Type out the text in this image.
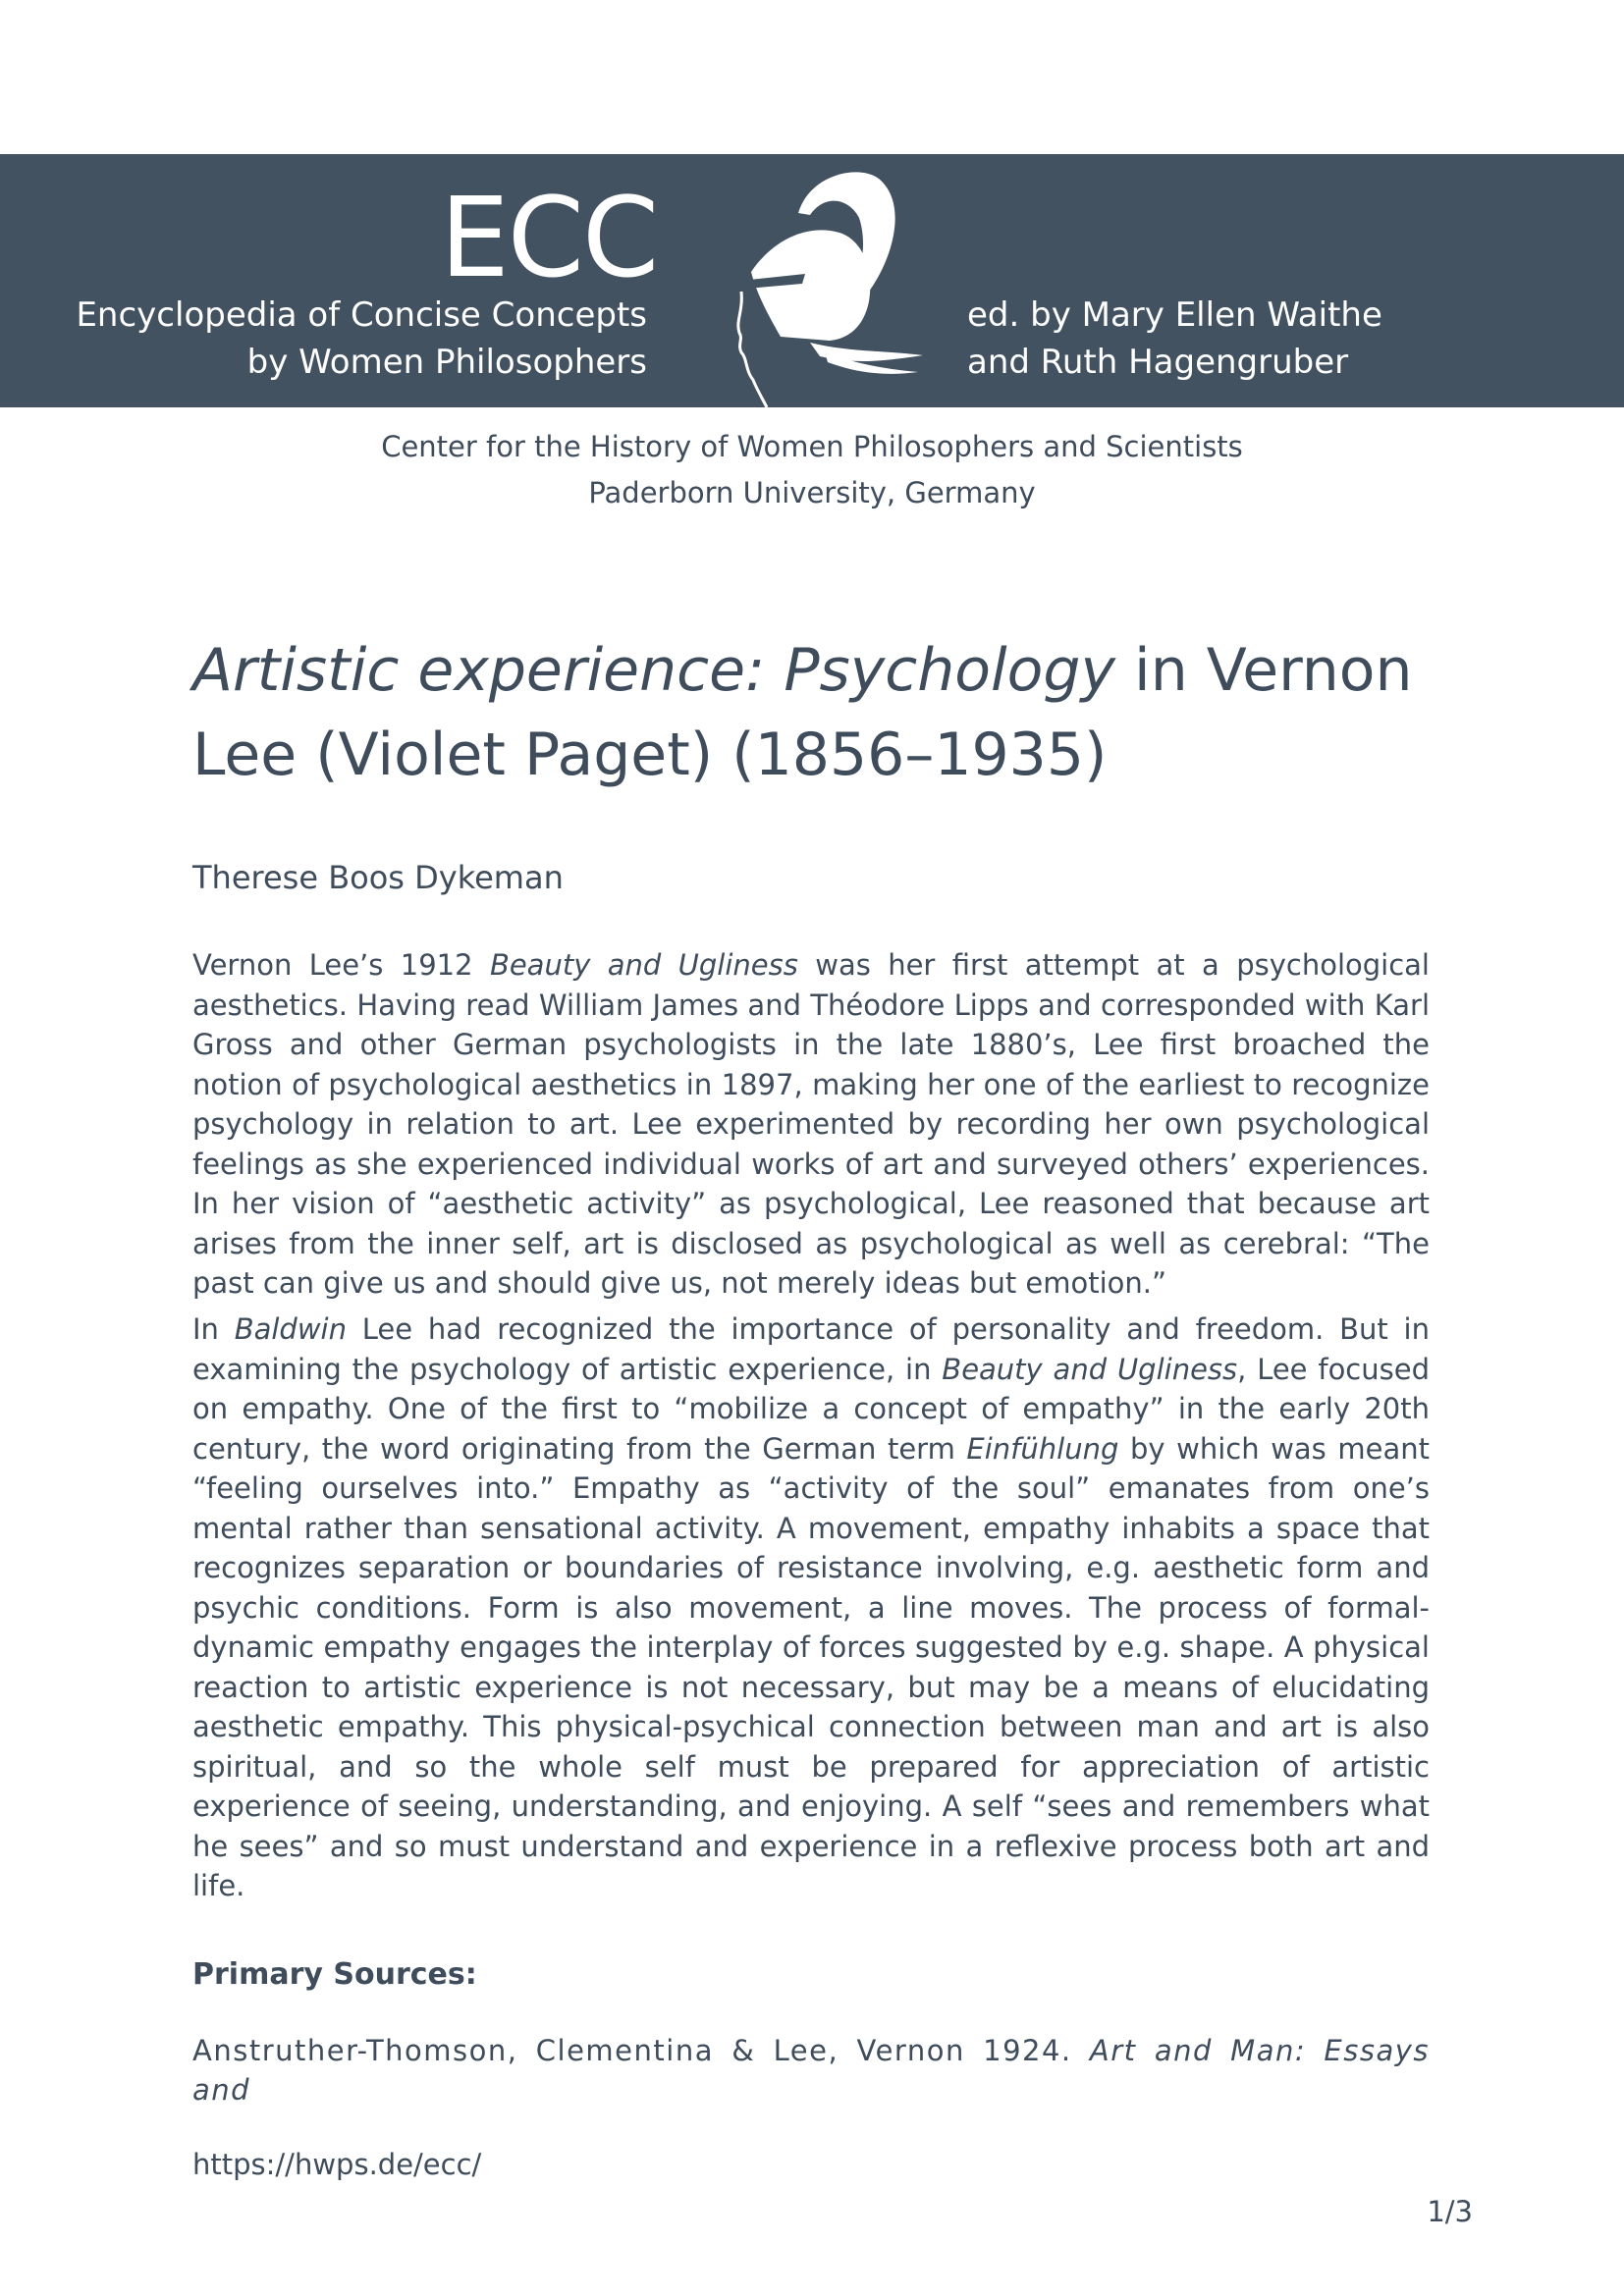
Encyclopedia of Concise Concepts
by Women Philosophers
ECC
ed. by Mary Ellen Waithe
and Ruth Hagengruber
Center for the History of Women Philosophers and Scientists
Paderborn University, Germany
Artistic experience: Psychology in Vernon Lee (Violet Paget) (1856–1935)
Therese Boos Dykeman

Vernon Lee’s 1912 Beauty and Ugliness was her first attempt at a psychological aesthetics. Having read William James and Théodore Lipps and corresponded with Karl Gross and other German psychologists in the late 1880’s, Lee first broached the notion of psychological aesthetics in 1897, making her one of the earliest to recognize psychology in relation to art. Lee experimented by recording her own psychological feelings as she experienced individual works of art and surveyed others’ experiences. In her vision of “aesthetic activity” as psychological, Lee reasoned that because art arises from the inner self, art is disclosed as psychological as well as cerebral: “The past can give us and should give us, not merely ideas but emotion.”

In Baldwin Lee had recognized the importance of personality and freedom. But in examining the psychology of artistic experience, in Beauty and Ugliness, Lee focused on empathy. One of the first to “mobilize a concept of empathy” in the early 20th century, the word originating from the German term Einfühlung by which was meant “feeling ourselves into.” Empathy as “activity of the soul” emanates from one’s mental rather than sensational activity. A movement, empathy inhabits a space that recognizes separation or boundaries of resistance involving, e.g. aesthetic form and psychic conditions. Form is also movement, a line moves. The process of formal-dynamic empathy engages the interplay of forces suggested by e.g. shape. A physical reaction to artistic experience is not necessary, but may be a means of elucidating aesthetic empathy. This physical-psychical connection between man and art is also spiritual, and so the whole self must be prepared for appreciation of artistic experience of seeing, understanding, and enjoying. A self “sees and remembers what he sees” and so must understand and experience in a reflexive process both art and life.

Primary Sources:
Anstruther-Thomson, Clementina & Lee, Vernon 1924. Art and Man: Essays and
https://hwps.de/ecc/
1/3
